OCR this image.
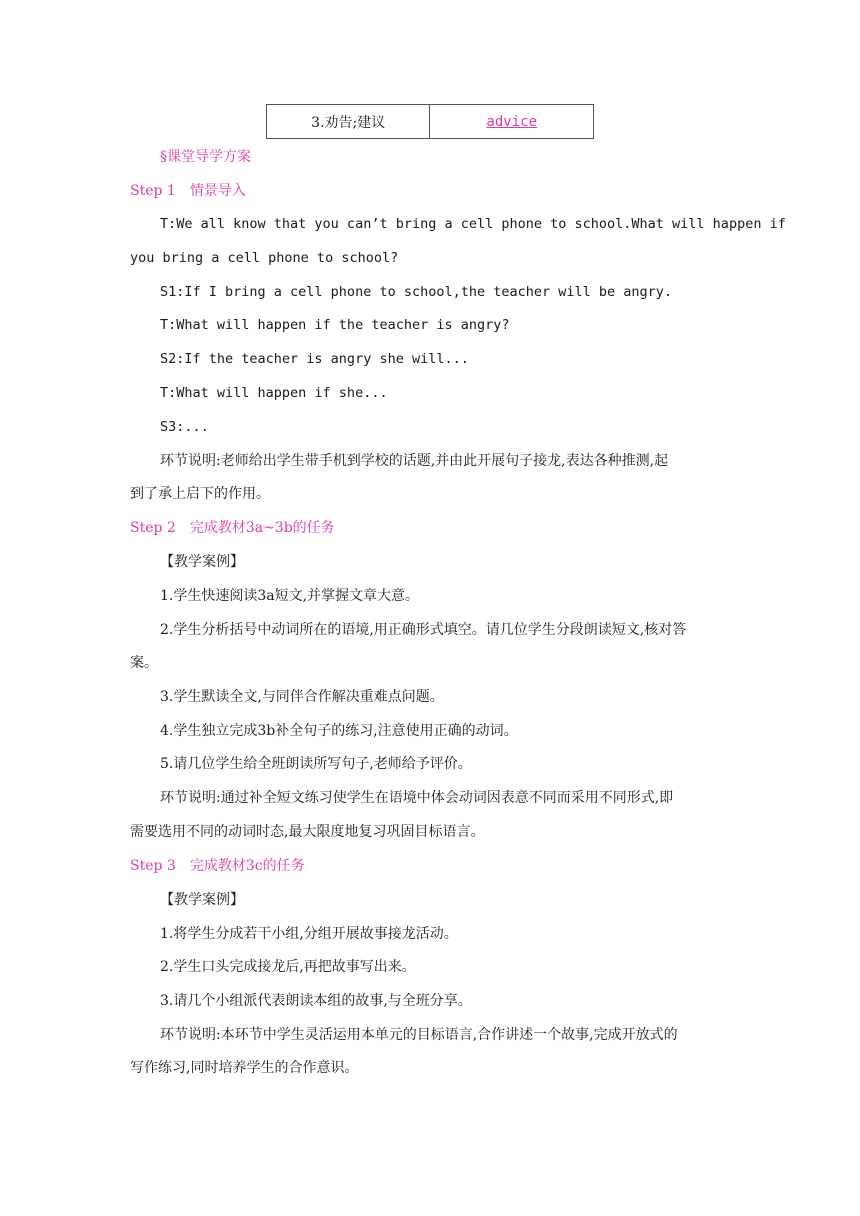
3.劝告;建议	advice
§课堂导学方案
Step 1　情景导入
T:We all know that you can’t bring a cell phone to school.What will happen if
you bring a cell phone to school?
S1:If I bring a cell phone to school,the teacher will be angry.
T:What will happen if the teacher is angry?
S2:If the teacher is angry she will...
T:What will happen if she...
S3:...
环节说明:老师给出学生带手机到学校的话题,并由此开展句子接龙,表达各种推测,起
到了承上启下的作用。
Step 2　完成教材3a~3b的任务
【教学案例】
1.学生快速阅读3a短文,并掌握文章大意。
2.学生分析括号中动词所在的语境,用正确形式填空。请几位学生分段朗读短文,核对答
案。
3.学生默读全文,与同伴合作解决重难点问题。
4.学生独立完成3b补全句子的练习,注意使用正确的动词。
5.请几位学生给全班朗读所写句子,老师给予评价。
环节说明:通过补全短文练习使学生在语境中体会动词因表意不同而采用不同形式,即
需要选用不同的动词时态,最大限度地复习巩固目标语言。
Step 3　完成教材3c的任务
【教学案例】
1.将学生分成若干小组,分组开展故事接龙活动。
2.学生口头完成接龙后,再把故事写出来。
3.请几个小组派代表朗读本组的故事,与全班分享。
环节说明:本环节中学生灵活运用本单元的目标语言,合作讲述一个故事,完成开放式的
写作练习,同时培养学生的合作意识。
